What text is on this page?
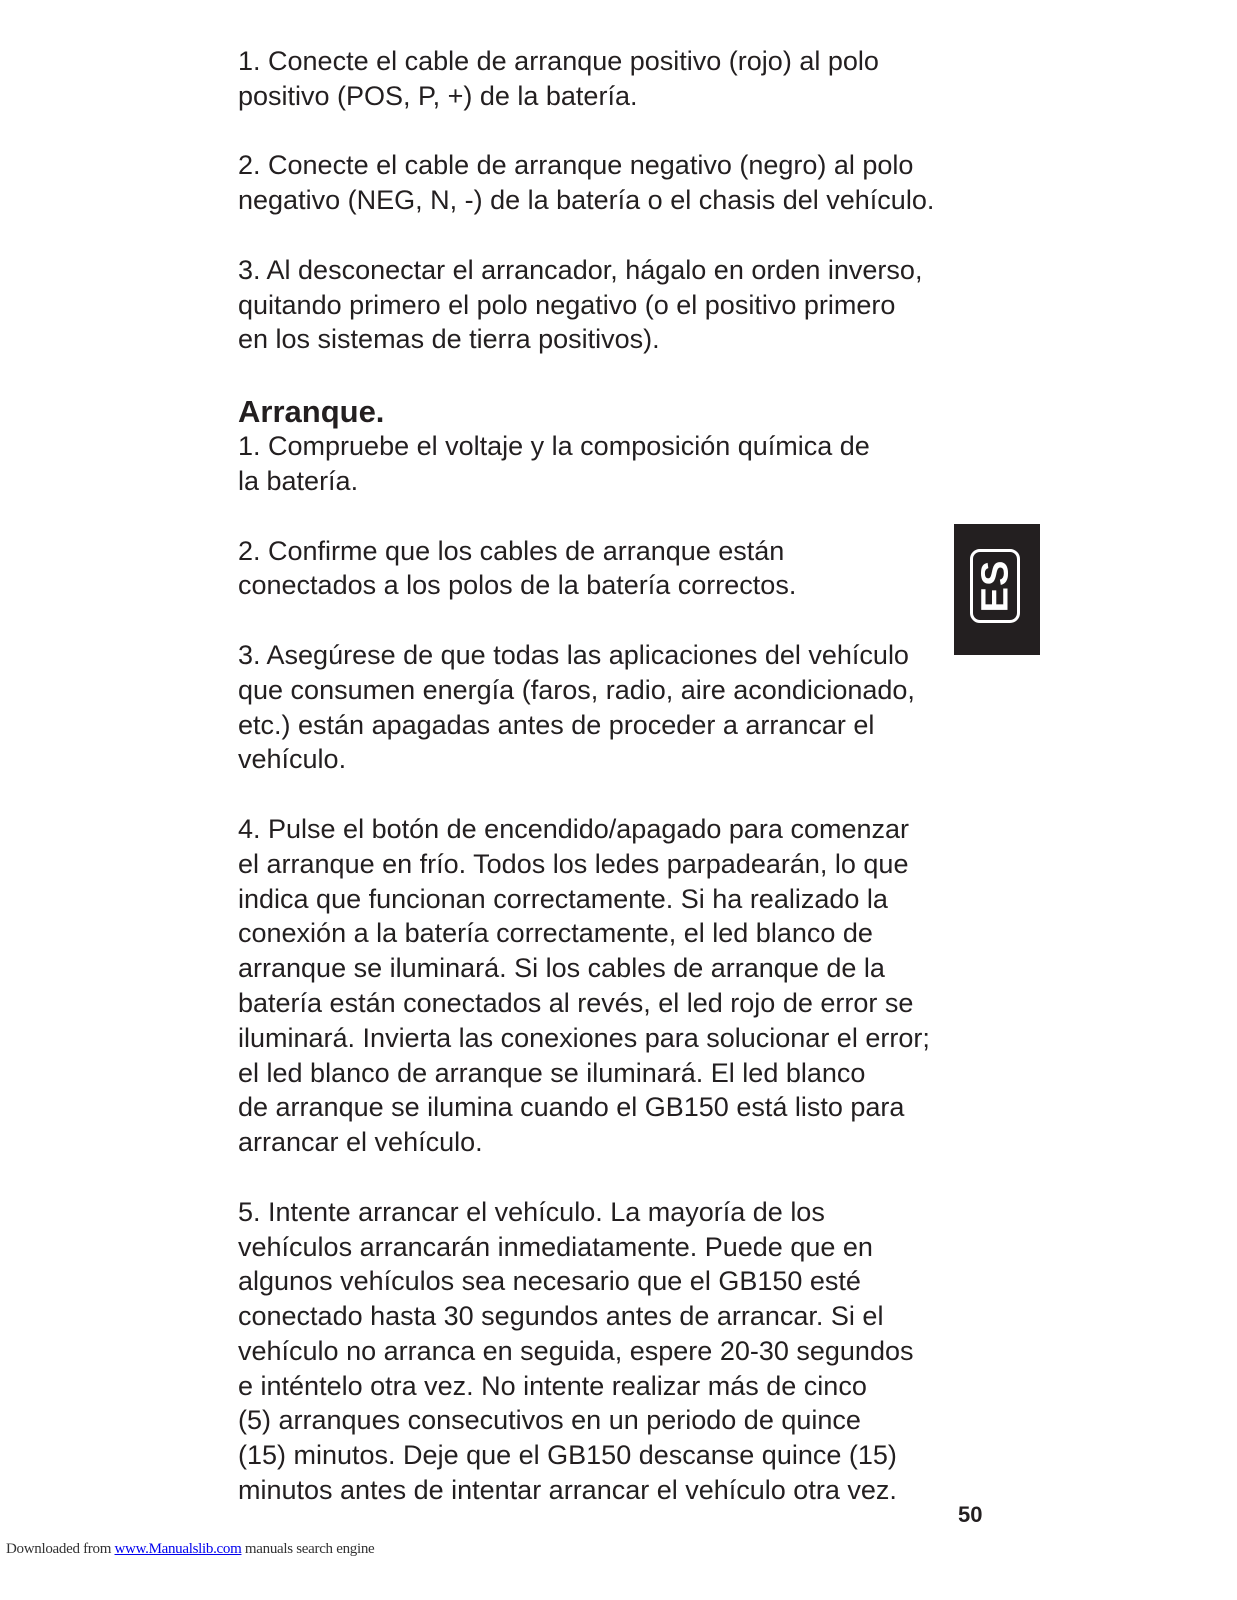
1. Conecte el cable de arranque positivo (rojo) al polo
positivo (POS, P, +) de la batería.

2. Conecte el cable de arranque negativo (negro) al polo
negativo (NEG, N, -) de la batería o el chasis del vehículo.

3. Al desconectar el arrancador, hágalo en orden inverso,
quitando primero el polo negativo (o el positivo primero
en los sistemas de tierra positivos).

Arranque.

1. Compruebe el voltaje y la composición química de
la batería.

2. Confirme que los cables de arranque están
conectados a los polos de la batería correctos.

3. Asegúrese de que todas las aplicaciones del vehículo
que consumen energía (faros, radio, aire acondicionado,
etc.) están apagadas antes de proceder a arrancar el
vehículo.

4. Pulse el botón de encendido/apagado para comenzar
el arranque en frío. Todos los ledes parpadearán, lo que
indica que funcionan correctamente. Si ha realizado la
conexión a la batería correctamente, el led blanco de
arranque se iluminará. Si los cables de arranque de la
batería están conectados al revés, el led rojo de error se
iluminará. Invierta las conexiones para solucionar el error;
el led blanco de arranque se iluminará. El led blanco
de arranque se ilumina cuando el GB150 está listo para
arrancar el vehículo.

5. Intente arrancar el vehículo. La mayoría de los
vehículos arrancarán inmediatamente. Puede que en
algunos vehículos sea necesario que el GB150 esté
conectado hasta 30 segundos antes de arrancar. Si el
vehículo no arranca en seguida, espere 20-30 segundos
e inténtelo otra vez. No intente realizar más de cinco
(5) arranques consecutivos en un periodo de quince
(15) minutos. Deje que el GB150 descanse quince (15)
minutos antes de intentar arrancar el vehículo otra vez.

ES
50
Downloaded from www.Manualslib.com manuals search engine
